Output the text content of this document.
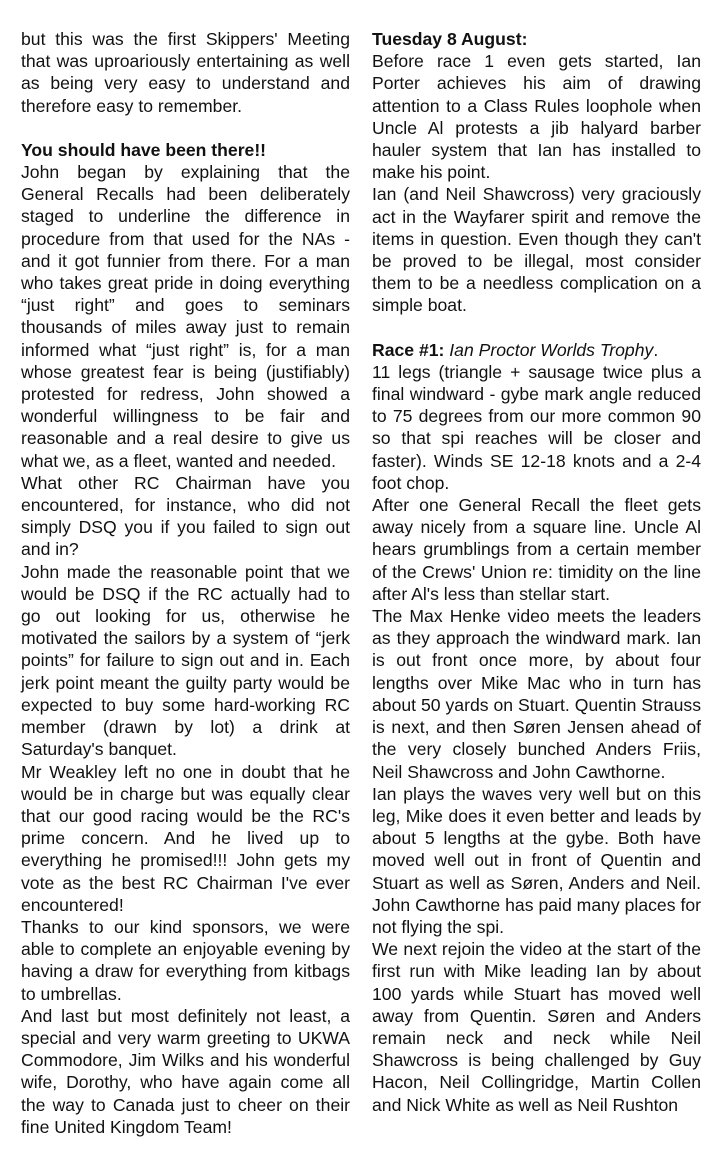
but this was the first Skippers' Meeting that was uproariously entertaining as well as being very easy to understand and therefore easy to remember.

You should have been there!!

John began by explaining that the General Recalls had been deliberately staged to underline the difference in procedure from that used for the NAs - and it got funnier from there. For a man who takes great pride in doing everything “just right” and goes to seminars thousands of miles away just to remain informed what “just right” is, for a man whose greatest fear is being (justifiably) protested for redress, John showed a wonderful willingness to be fair and reasonable and a real desire to give us what we, as a fleet, wanted and needed.

What other RC Chairman have you encountered, for instance, who did not simply DSQ you if you failed to sign out and in?

John made the reasonable point that we would be DSQ if the RC actually had to go out looking for us, otherwise he motivated the sailors by a system of “jerk points” for failure to sign out and in. Each jerk point meant the guilty party would be expected to buy some hard-working RC member (drawn by lot) a drink at Saturday's banquet.

Mr Weakley left no one in doubt that he would be in charge but was equally clear that our good racing would be the RC's prime concern. And he lived up to everything he promised!!! John gets my vote as the best RC Chairman I've ever encountered!

Thanks to our kind sponsors, we were able to complete an enjoyable evening by having a draw for everything from kitbags to umbrellas.

And last but most definitely not least, a special and very warm greeting to UKWA Commodore, Jim Wilks and his wonderful wife, Dorothy, who have again come all the way to Canada just to cheer on their fine United Kingdom Team!

Tuesday 8 August:

Before race 1 even gets started, Ian Porter achieves his aim of drawing attention to a Class Rules loophole when Uncle Al protests a jib halyard barber hauler system that Ian has installed to make his point.

Ian (and Neil Shawcross) very graciously act in the Wayfarer spirit and remove the items in question. Even though they can't be proved to be illegal, most consider them to be a needless complication on a simple boat.

Race #1: Ian Proctor Worlds Trophy.

11 legs (triangle + sausage twice plus a final windward - gybe mark angle reduced to 75 degrees from our more common 90 so that spi reaches will be closer and faster). Winds SE 12-18 knots and a 2-4 foot chop.

After one General Recall the fleet gets away nicely from a square line. Uncle Al hears grumblings from a certain member of the Crews' Union re: timidity on the line after Al's less than stellar start.

The Max Henke video meets the leaders as they approach the windward mark. Ian is out front once more, by about four lengths over Mike Mac who in turn has about 50 yards on Stuart. Quentin Strauss is next, and then Søren Jensen ahead of the very closely bunched Anders Friis, Neil Shawcross and John Cawthorne.

Ian plays the waves very well but on this leg, Mike does it even better and leads by about 5 lengths at the gybe. Both have moved well out in front of Quentin and Stuart as well as Søren, Anders and Neil. John Cawthorne has paid many places for not flying the spi.

We next rejoin the video at the start of the first run with Mike leading Ian by about 100 yards while Stuart has moved well away from Quentin. Søren and Anders remain neck and neck while Neil Shawcross is being challenged by Guy Hacon, Neil Collingridge, Martin Collen and Nick White as well as Neil Rushton
